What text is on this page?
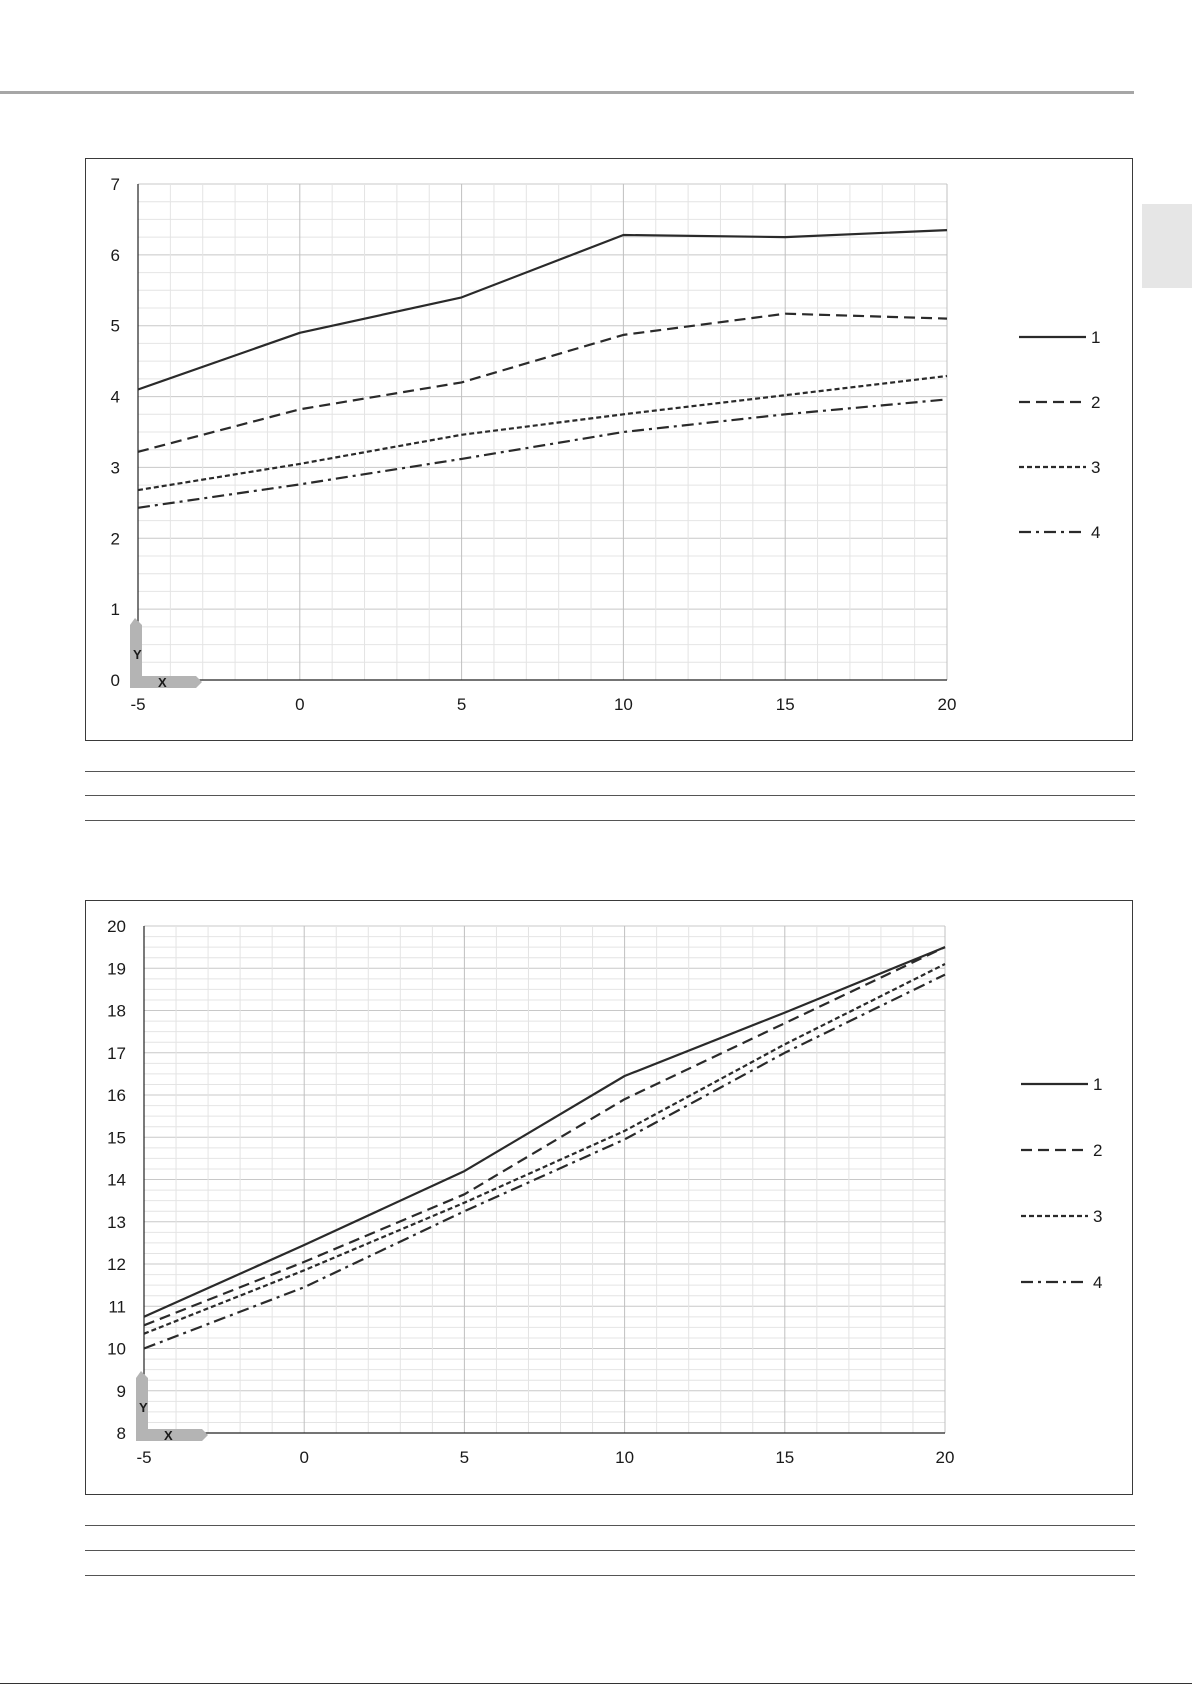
0
1
2
3
4
5
6
7
-5	0	5	10	15	20
Y
X
1
2
3
4
8
9
10
11
12
13
14
15
16
17
18
19
20
-5	0	5	10	15	20
Y
X
1
2
3
4
